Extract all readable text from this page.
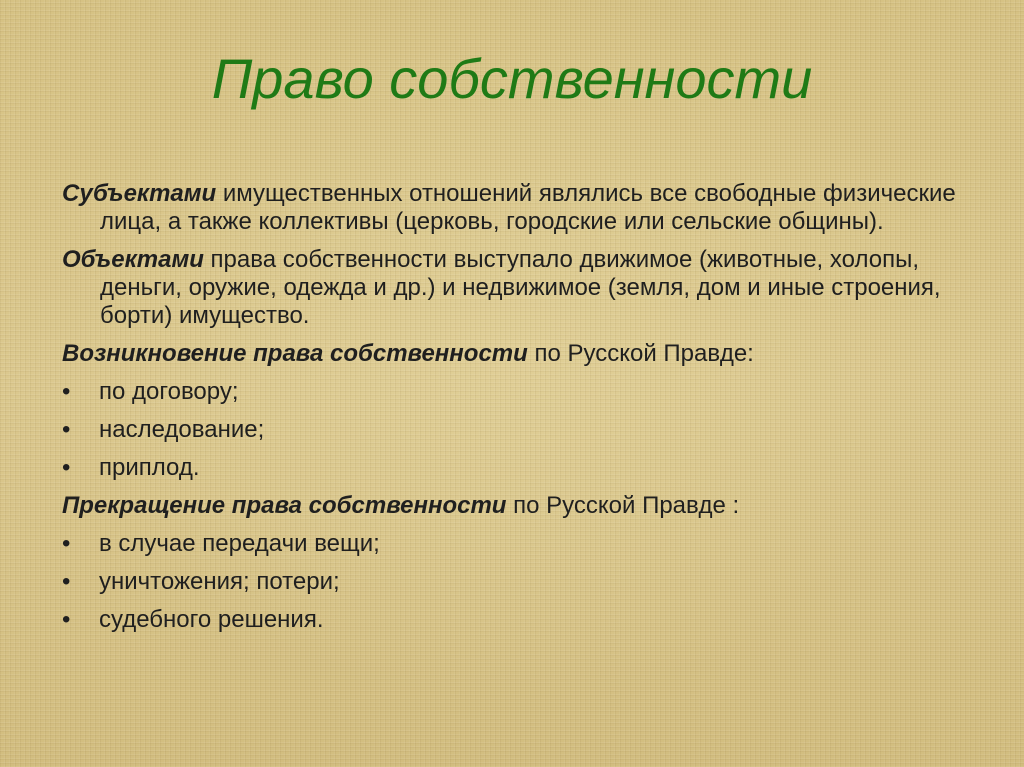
Право собственности

Субъектами имущественных отношений являлись все свободные физические лица, а также коллективы (церковь, городские или сельские общины).

Объектами права собственности выступало движимое (животные, холопы, деньги, оружие, одежда и др.) и недвижимое (земля, дом и иные строения, борти) имущество.

Возникновение права собственности по Русской Правде:

• по договору;
• наследование;
• приплод.

Прекращение права собственности по Русской Правде :

• в случае передачи вещи;
• уничтожения; потери;
• судебного решения.
